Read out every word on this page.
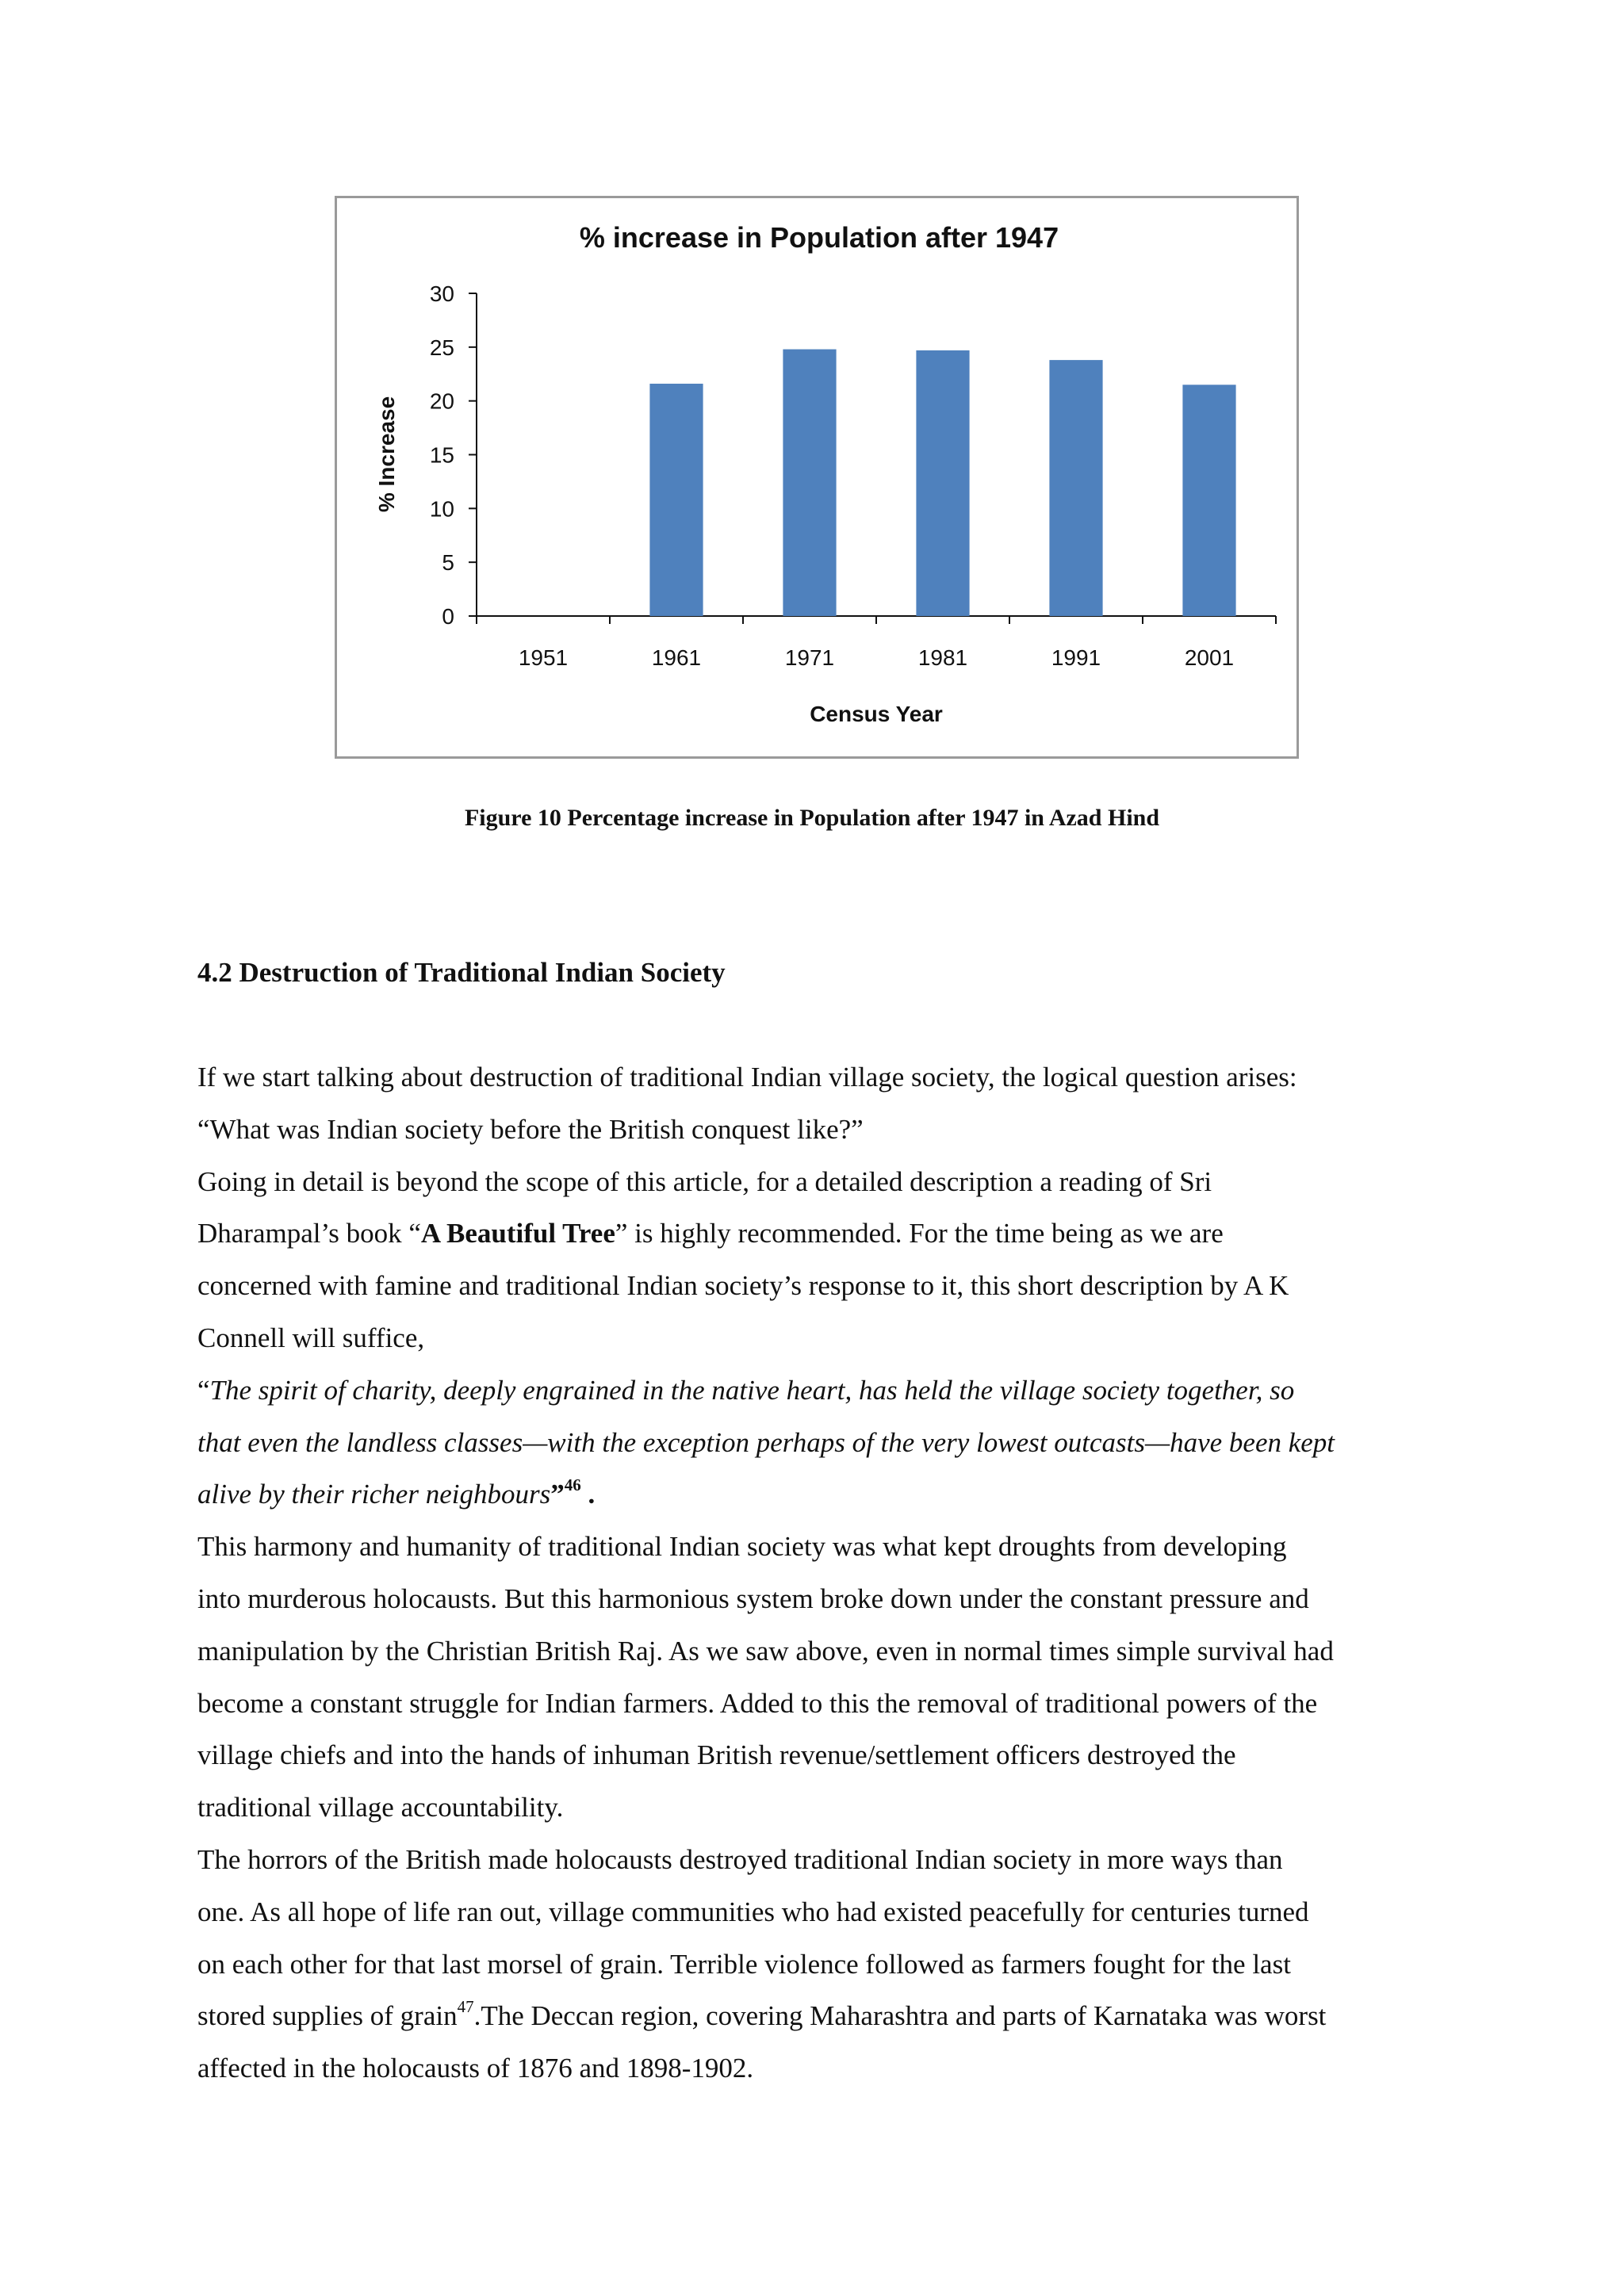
% increase in Population after 1947
% Increase
Census Year
0
5
10
15
20
25
30
1951	1961	1971	1981	1991	2001
Figure 10 Percentage increase in Population after 1947 in Azad Hind
4.2 Destruction of Traditional Indian Society
If we start talking about destruction of traditional Indian village society, the logical question arises:
“What was Indian society before the British conquest like?”
Going in detail is beyond the scope of this article, for a detailed description a reading of Sri
Dharampal’s book “A Beautiful Tree” is highly recommended. For the time being as we are
concerned with famine and traditional Indian society’s response to it, this short description by A K
Connell will suffice,
“The spirit of charity, deeply engrained in the native heart, has held the village society together, so
that even the landless classes—with the exception perhaps of the very lowest outcasts—have been kept
alive by their richer neighbours”$^{46}$ .
This harmony and humanity of traditional Indian society was what kept droughts from developing
into murderous holocausts. But this harmonious system broke down under the constant pressure and
manipulation by the Christian British Raj. As we saw above, even in normal times simple survival had
become a constant struggle for Indian farmers. Added to this the removal of traditional powers of the
village chiefs and into the hands of inhuman British revenue/settlement officers destroyed the
traditional village accountability.
The horrors of the British made holocausts destroyed traditional Indian society in more ways than
one. As all hope of life ran out, village communities who had existed peacefully for centuries turned
on each other for that last morsel of grain. Terrible violence followed as farmers fought for the last
stored supplies of grain$^{47}$.The Deccan region, covering Maharashtra and parts of Karnataka was worst
affected in the holocausts of 1876 and 1898-1902.
